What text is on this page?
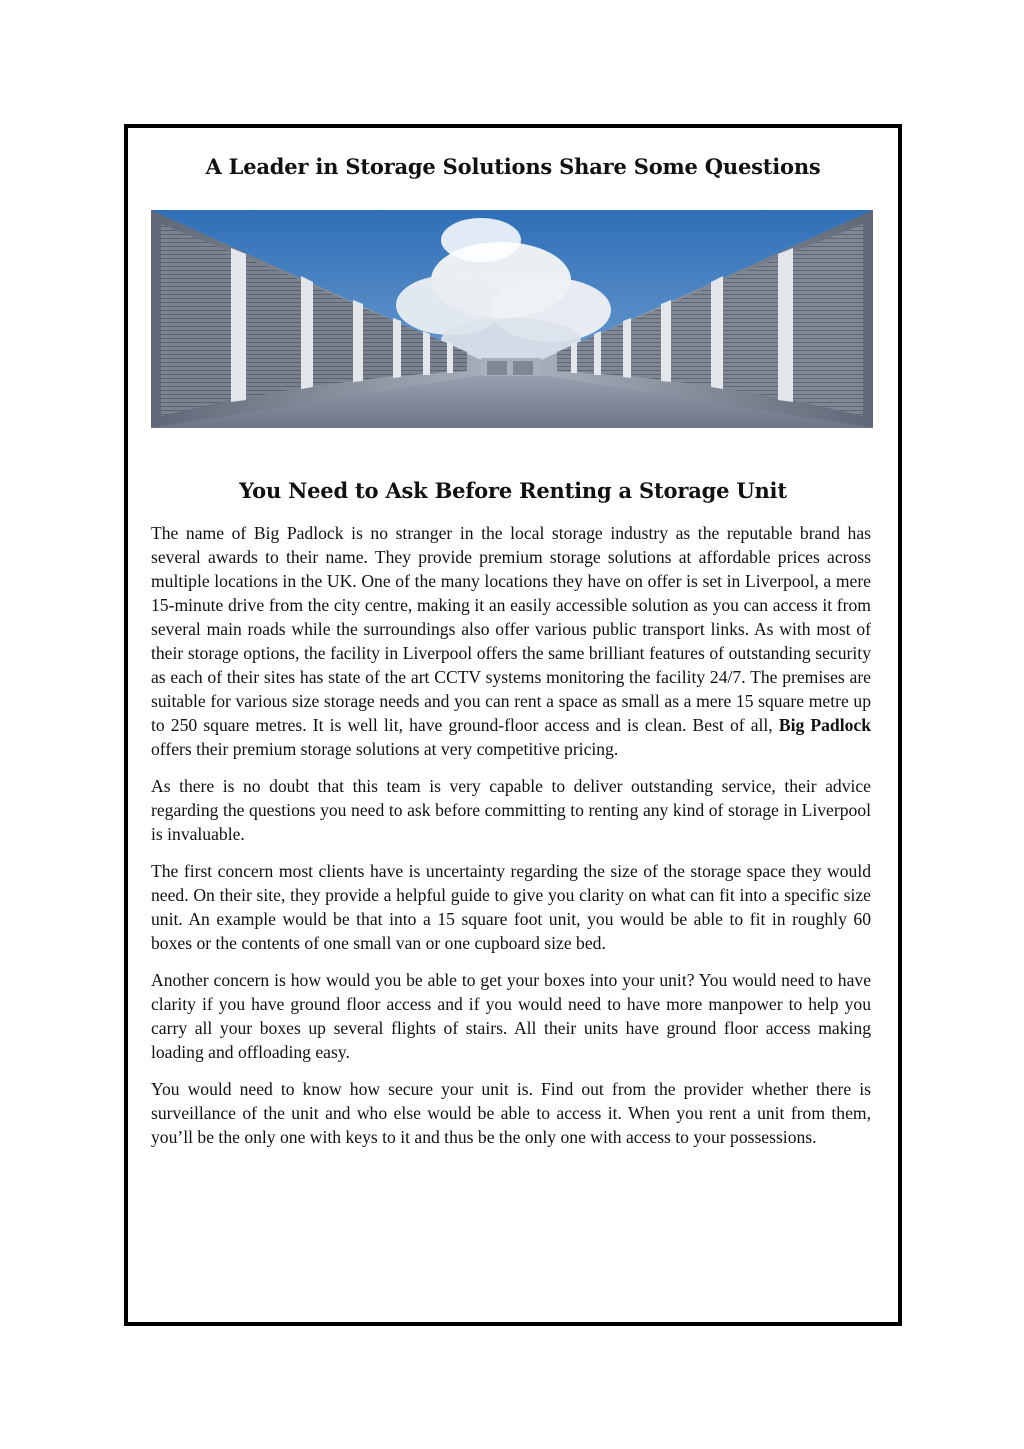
A Leader in Storage Solutions Share Some Questions
You Need to Ask Before Renting a Storage Unit

The name of Big Padlock is no stranger in the local storage industry as the reputable brand has several awards to their name. They provide premium storage solutions at affordable prices across multiple locations in the UK. One of the many locations they have on offer is set in Liverpool, a mere 15-minute drive from the city centre, making it an easily accessible solution as you can access it from several main roads while the surroundings also offer various public transport links. As with most of their storage options, the facility in Liverpool offers the same brilliant features of outstanding security as each of their sites has state of the art CCTV systems monitoring the facility 24/7. The premises are suitable for various size storage needs and you can rent a space as small as a mere 15 square metre up to 250 square metres. It is well lit, have ground-floor access and is clean. Best of all, Big Padlock offers their premium storage solutions at very competitive pricing.

As there is no doubt that this team is very capable to deliver outstanding service, their advice regarding the questions you need to ask before committing to renting any kind of storage in Liverpool is invaluable.

The first concern most clients have is uncertainty regarding the size of the storage space they would need. On their site, they provide a helpful guide to give you clarity on what can fit into a specific size unit. An example would be that into a 15 square foot unit, you would be able to fit in roughly 60 boxes or the contents of one small van or one cupboard size bed.

Another concern is how would you be able to get your boxes into your unit? You would need to have clarity if you have ground floor access and if you would need to have more manpower to help you carry all your boxes up several flights of stairs. All their units have ground floor access making loading and offloading easy.

You would need to know how secure your unit is. Find out from the provider whether there is surveillance of the unit and who else would be able to access it. When you rent a unit from them, you’ll be the only one with keys to it and thus be the only one with access to your possessions.
